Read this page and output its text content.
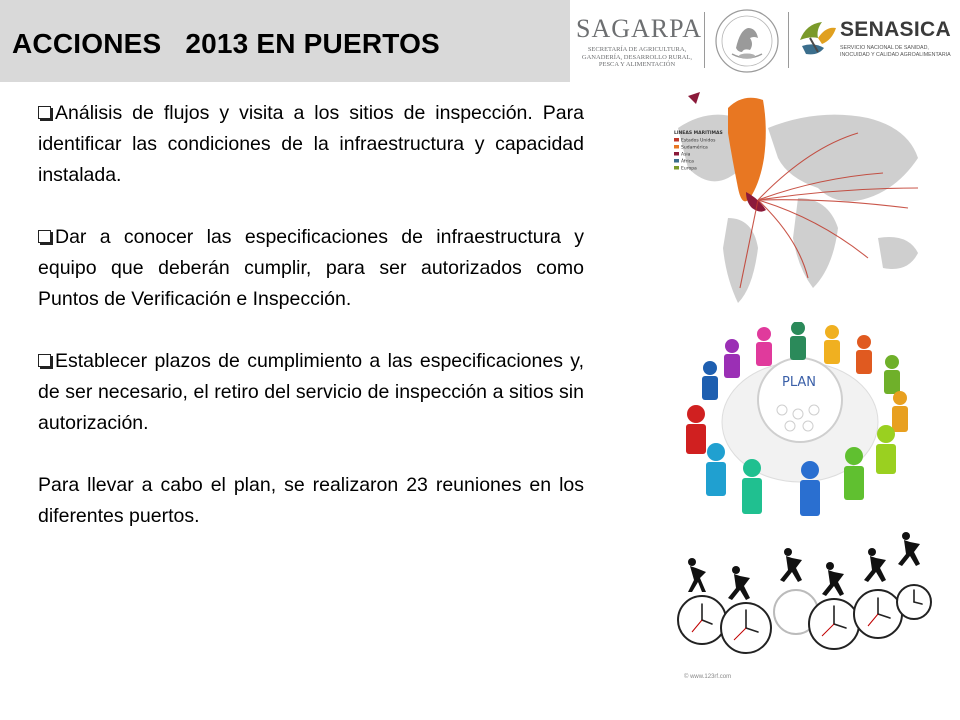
ACCIONES   2013 EN PUERTOS	SAGARPA
SECRETARÍA DE AGRICULTURA, GANADERÍA, DESARROLLO RURAL, PESCA Y ALIMENTACIÓN
SENASICA
SERVICIO NACIONAL DE SANIDAD, INOCUIDAD Y CALIDAD AGROALIMENTARIA

Análisis de flujos y visita a los sitios de inspección. Para identificar las condiciones de la infraestructura y capacidad instalada.

Dar a conocer las especificaciones de infraestructura y equipo que deberán cumplir, para ser autorizados como Puntos de Verificación e Inspección.

Establecer plazos de cumplimiento a las especificaciones y, de ser necesario, el retiro del servicio de inspección a sitios sin autorización.

Para llevar a cabo el plan, se realizaron 23 reuniones en los diferentes puertos.

LINEAS MARITIMAS
Estados Unidos
Sudamérica
Asia
África
Europa
PLAN
© www.123rf.com
